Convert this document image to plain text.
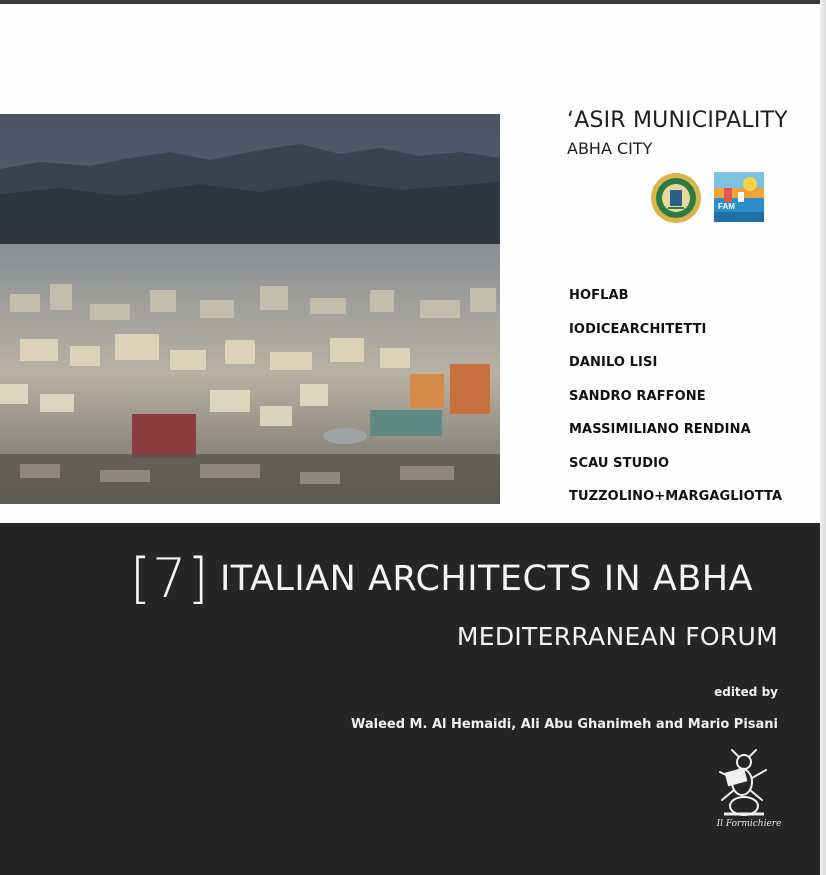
‘ASIR MUNICIPALITY
ABHA CITY
FAM
HOFLAB
IODICEARCHITETTI
DANILO LISI
SANDRO RAFFONE
MASSIMILIANO RENDINA
SCAU STUDIO
TUZZOLINO+MARGAGLIOTTA
[7] ITALIAN ARCHITECTS IN ABHA
MEDITERRANEAN FORUM
edited by
Waleed M. Al Hemaidi, Ali Abu Ghanimeh and Mario Pisani
Il Formichiere
